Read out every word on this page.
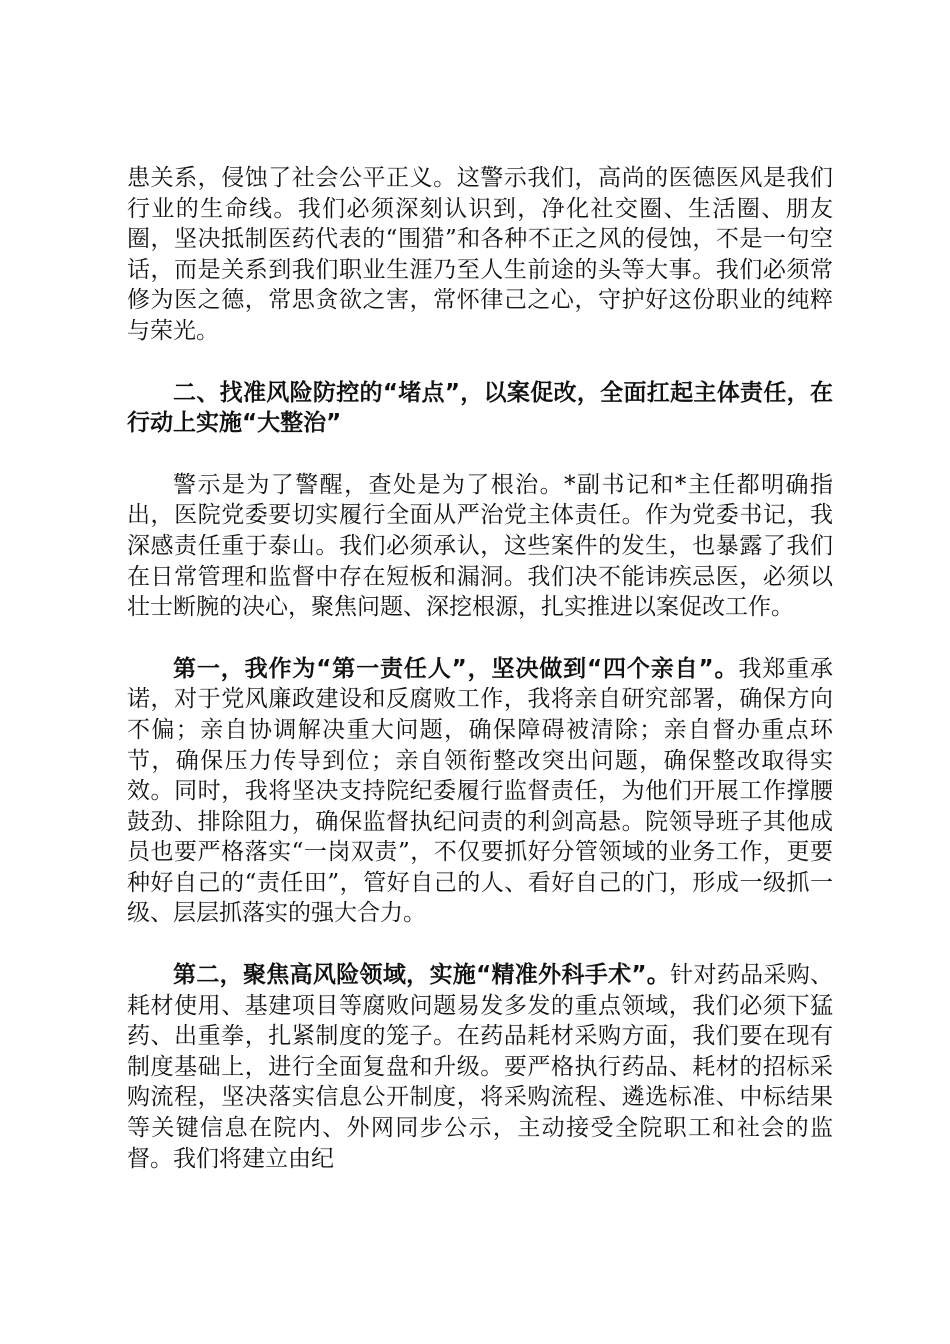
患关系，侵蚀了社会公平正义。这警示我们，高尚的医德医风是我们行业的生命线。我们必须深刻认识到，净化社交圈、生活圈、朋友圈，坚决抵制医药代表的“围猎”和各种不正之风的侵蚀，不是一句空话，而是关系到我们职业生涯乃至人生前途的头等大事。我们必须常修为医之德，常思贪欲之害，常怀律己之心，守护好这份职业的纯粹与荣光。

二、找准风险防控的“堵点”，以案促改，全面扛起主体责任，在行动上实施“大整治”

警示是为了警醒，查处是为了根治。*副书记和*主任都明确指出，医院党委要切实履行全面从严治党主体责任。作为党委书记，我深感责任重于泰山。我们必须承认，这些案件的发生，也暴露了我们在日常管理和监督中存在短板和漏洞。我们决不能讳疾忌医，必须以壮士断腕的决心，聚焦问题、深挖根源，扎实推进以案促改工作。

第一，我作为“第一责任人”，坚决做到“四个亲自”。我郑重承诺，对于党风廉政建设和反腐败工作，我将亲自研究部署，确保方向不偏；亲自协调解决重大问题，确保障碍被清除；亲自督办重点环节，确保压力传导到位；亲自领衔整改突出问题，确保整改取得实效。同时，我将坚决支持院纪委履行监督责任，为他们开展工作撑腰鼓劲、排除阻力，确保监督执纪问责的利剑高悬。院领导班子其他成员也要严格落实“一岗双责”，不仅要抓好分管领域的业务工作，更要种好自己的“责任田”，管好自己的人、看好自己的门，形成一级抓一级、层层抓落实的强大合力。

第二，聚焦高风险领域，实施“精准外科手术”。针对药品采购、耗材使用、基建项目等腐败问题易发多发的重点领域，我们必须下猛药、出重拳，扎紧制度的笼子。在药品耗材采购方面，我们要在现有制度基础上，进行全面复盘和升级。要严格执行药品、耗材的招标采购流程，坚决落实信息公开制度，将采购流程、遴选标准、中标结果等关键信息在院内、外网同步公示，主动接受全院职工和社会的监督。我们将建立由纪
